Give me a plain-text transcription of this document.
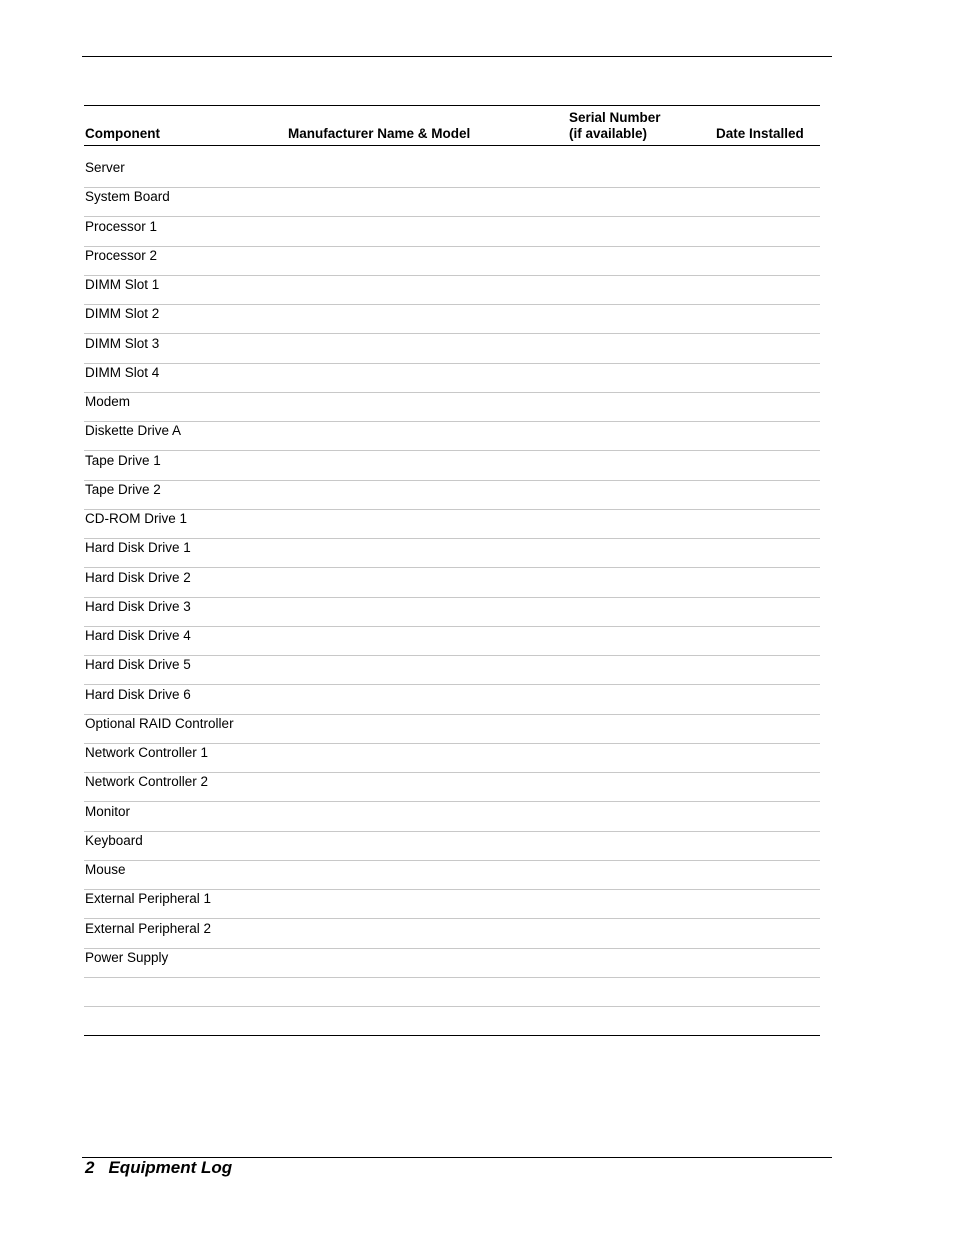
Component	Manufacturer Name & Model
Serial Number
(if available)	Date Installed
Server
System Board
Processor 1
Processor 2
DIMM Slot 1
DIMM Slot 2
DIMM Slot 3
DIMM Slot 4
Modem
Diskette Drive A
Tape Drive 1
Tape Drive 2
CD-ROM Drive 1
Hard Disk Drive 1
Hard Disk Drive 2
Hard Disk Drive 3
Hard Disk Drive 4
Hard Disk Drive 5
Hard Disk Drive 6
Optional RAID Controller
Network Controller 1
Network Controller 2
Monitor
Keyboard
Mouse
External Peripheral 1
External Peripheral 2
Power Supply
2 Equipment Log
